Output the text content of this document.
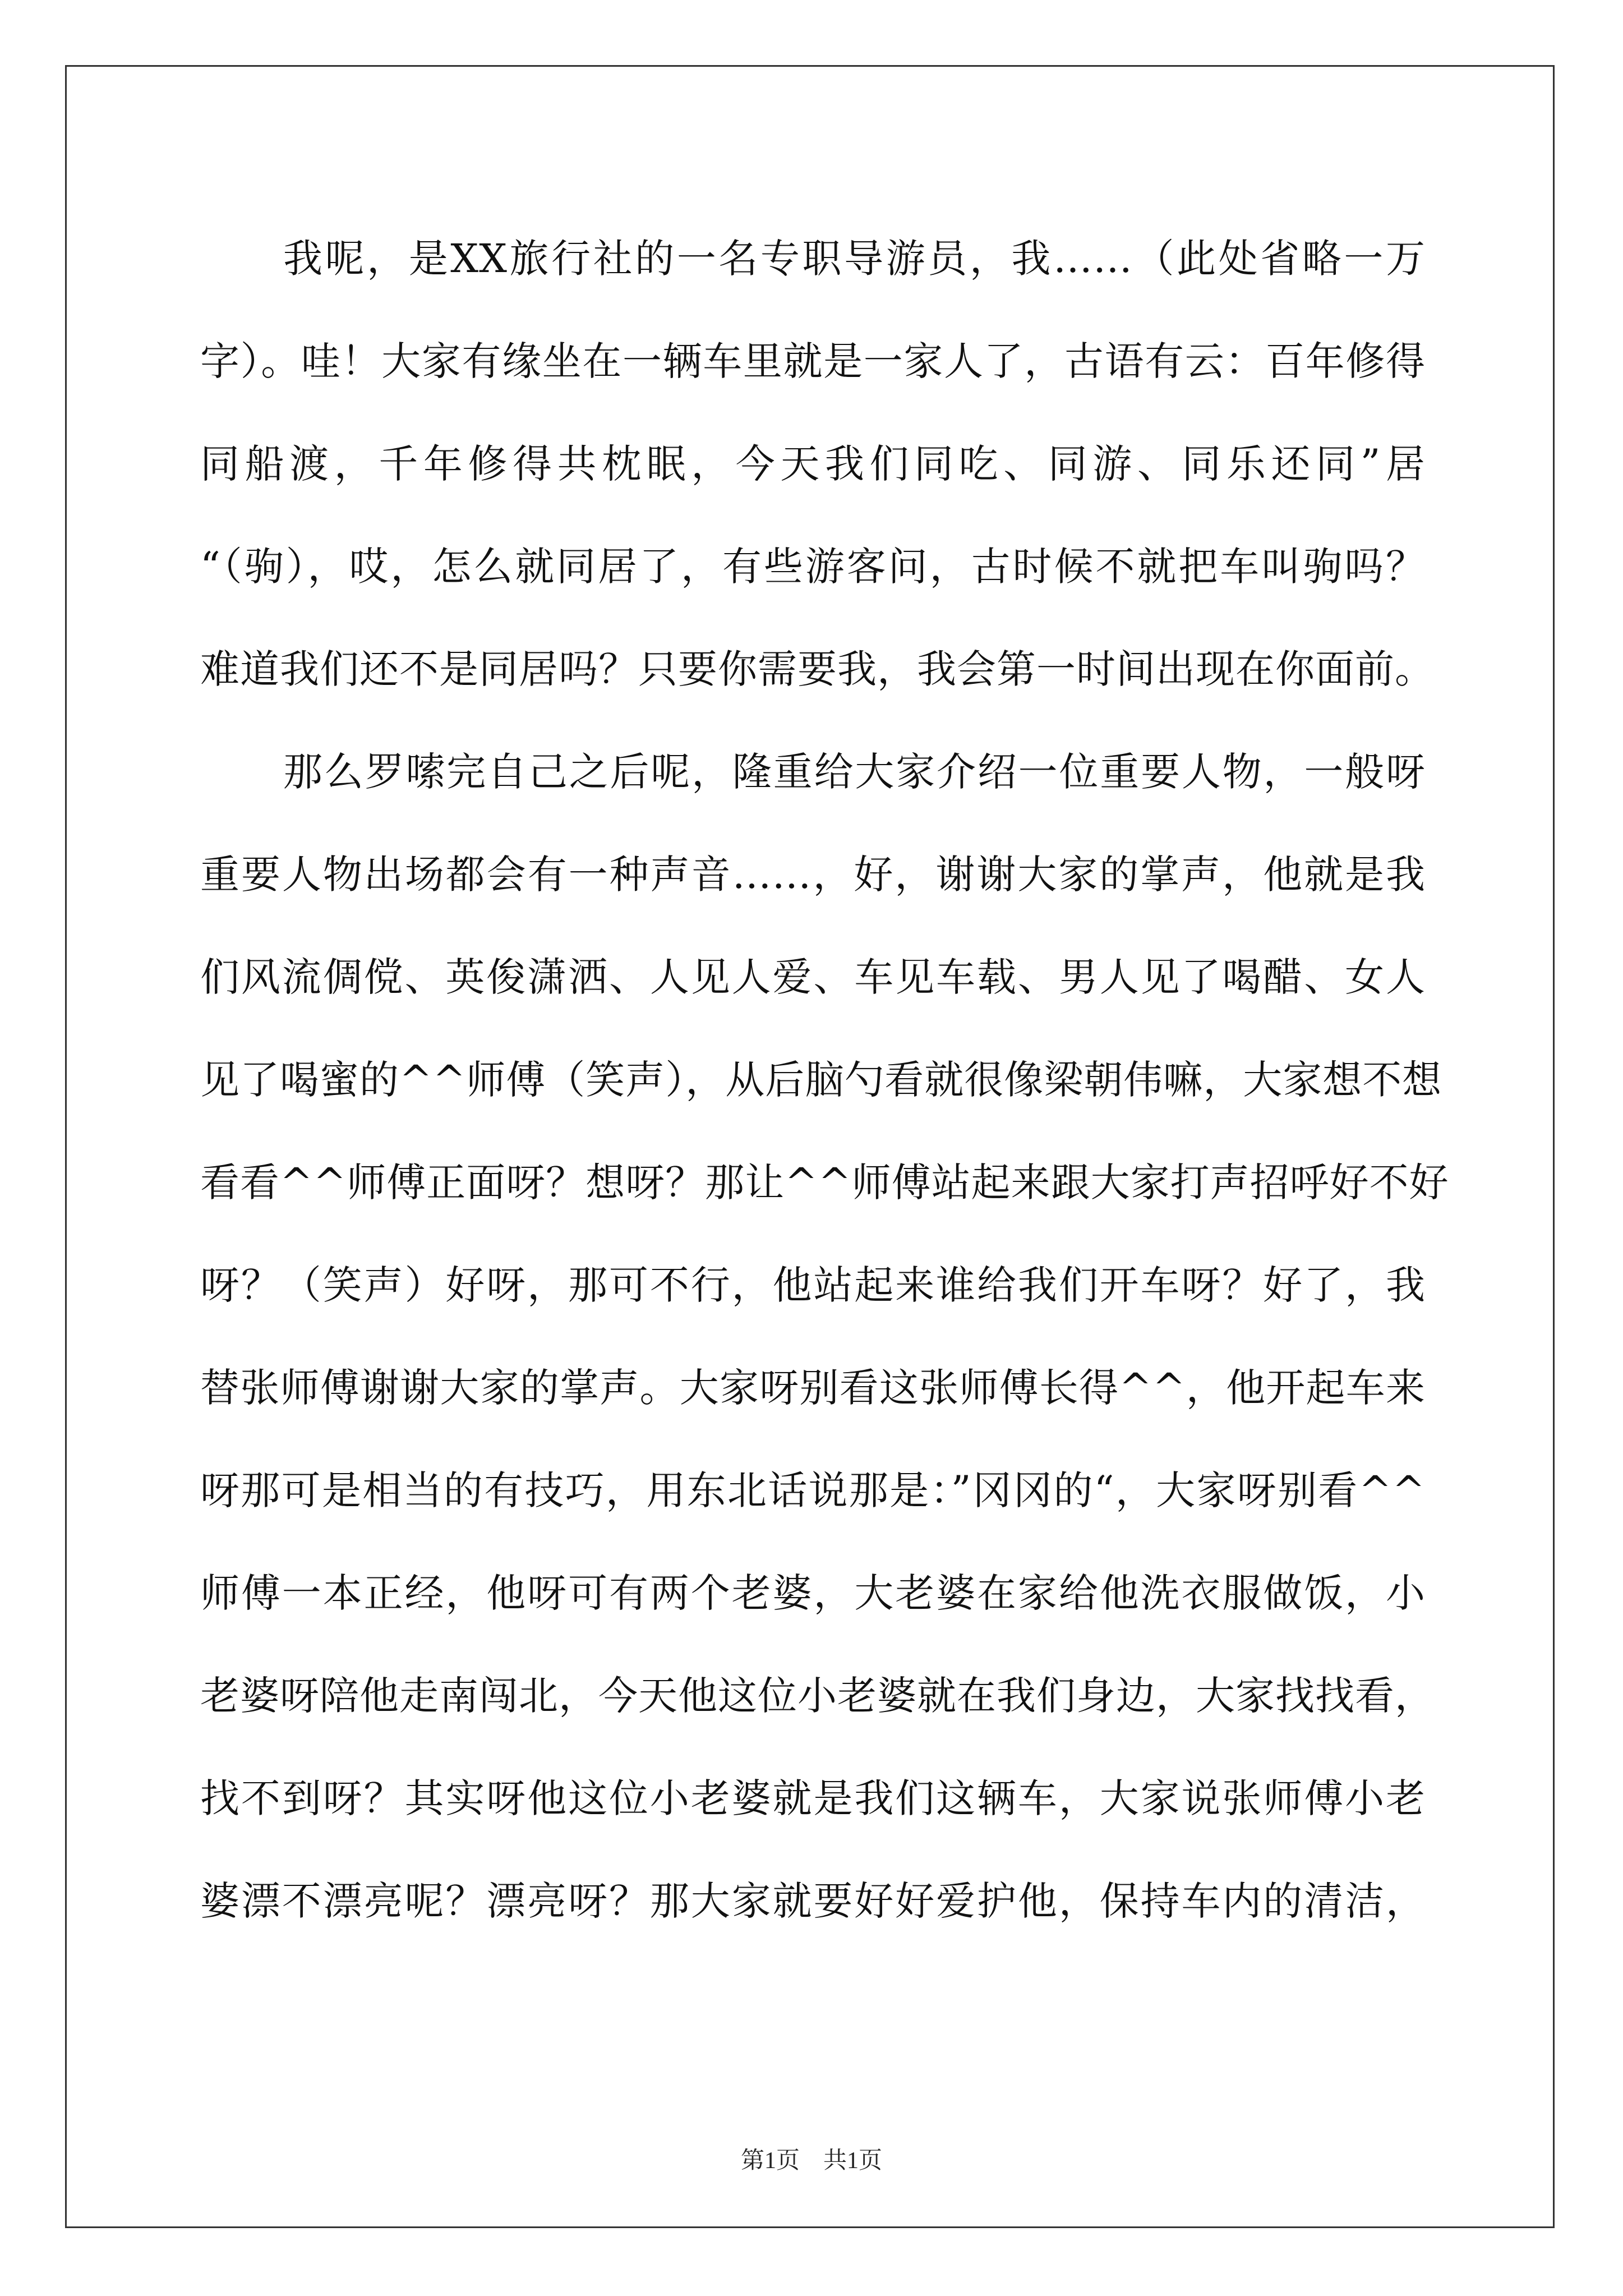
我呢，是XX旅行社的一名专职导游员，我……（此处省略一万
字）。哇！大家有缘坐在一辆车里就是一家人了，古语有云：百年修得
同船渡，千年修得共枕眠，今天我们同吃、同游、同乐还同”居
“（驹），哎，怎么就同居了，有些游客问，古时候不就把车叫驹吗？
难道我们还不是同居吗？只要你需要我，我会第一时间出现在你面前。
那么罗嗦完自己之后呢，隆重给大家介绍一位重要人物，一般呀
重要人物出场都会有一种声音……，好，谢谢大家的掌声，他就是我
们风流倜傥、英俊潇洒、人见人爱、车见车载、男人见了喝醋、女人
见了喝蜜的^^师傅（笑声），从后脑勺看就很像梁朝伟嘛，大家想不想
看看^^师傅正面呀？想呀？那让^^师傅站起来跟大家打声招呼好不好
呀？（笑声）好呀，那可不行，他站起来谁给我们开车呀？好了，我
替张师傅谢谢大家的掌声。大家呀别看这张师傅长得^^，他开起车来
呀那可是相当的有技巧，用东北话说那是：”冈冈的“，大家呀别看^^
师傅一本正经，他呀可有两个老婆，大老婆在家给他洗衣服做饭，小
老婆呀陪他走南闯北，今天他这位小老婆就在我们身边，大家找找看，
找不到呀？其实呀他这位小老婆就是我们这辆车，大家说张师傅小老
婆漂不漂亮呢？漂亮呀？那大家就要好好爱护他，保持车内的清洁，
第1页　共1页
